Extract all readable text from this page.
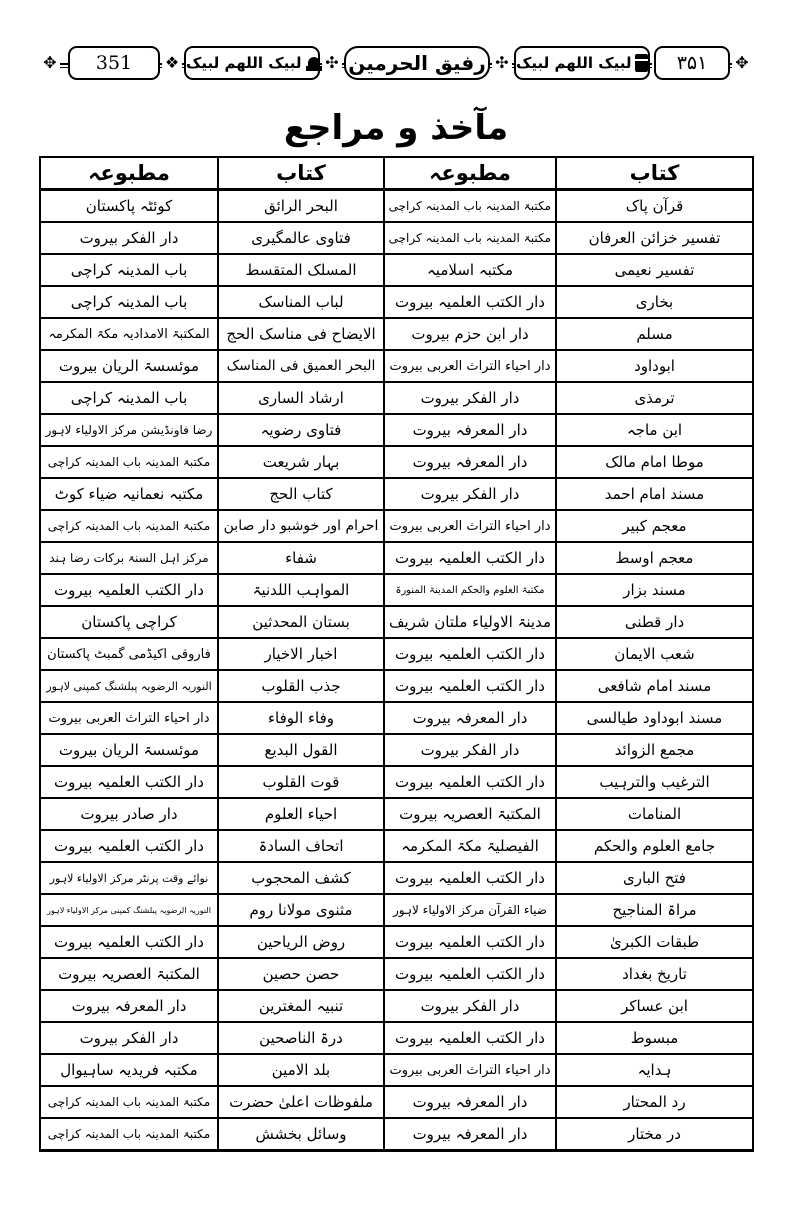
✥	351	❖ لبیک اللھم لبیک ✣ رفیق الحرمین ✣ لبیک اللھم لبیک	۳۵۱	✥
مآخذ و مراجع
کتاب	مطبوعہ	کتاب	مطبوعہ
قرآن پاک	مکتبۃ المدینہ باب المدینہ کراچی	البحر الرائق	کوئٹہ پاکستان
تفسیر خزائن العرفان	مکتبۃ المدینہ باب المدینہ کراچی	فتاوی عالمگیری	دار الفکر بیروت
تفسیر نعیمی	مکتبہ اسلامیہ	المسلک المتقسط	باب المدینہ کراچی
بخاری	دار الکتب العلمیہ بیروت	لباب المناسک	باب المدینہ کراچی
مسلم	دار ابن حزم بیروت	الایضاح فی مناسک الحج	المکتبۃ الامدادیہ مکۃ المکرمہ
ابوداود	دار احیاء التراث العربی بیروت	البحر العمیق فی المناسک	موئسسۃ الریان بیروت
ترمذی	دار الفکر بیروت	ارشاد الساری	باب المدینہ کراچی
ابن ماجہ	دار المعرفہ بیروت	فتاوی رضویہ	رضا فاونڈیشن مرکز الاولیاء لاہور
موطا امام مالک	دار المعرفہ بیروت	بہار شریعت	مکتبۃ المدینہ باب المدینہ کراچی
مسند امام احمد	دار الفکر بیروت	کتاب الحج	مکتبہ نعمانیہ ضیاء کوٹ
معجم کبیر	دار احیاء التراث العربی بیروت	احرام اور خوشبو دار صابن	مکتبۃ المدینہ باب المدینہ کراچی
معجم اوسط	دار الکتب العلمیہ بیروت	شفاء	مرکز اہل السنۃ برکات رضا ہند
مسند بزار	مکتبۃ العلوم والحکم المدینۃ المنورۃ	المواہب اللدنیۃ	دار الکتب العلمیہ بیروت
دار قطنی	مدینۃ الاولیاء ملتان شریف	بستان المحدثین	کراچی پاکستان
شعب الایمان	دار الکتب العلمیہ بیروت	اخبار الاخیار	فاروقی اکیڈمی گمبٹ پاکستان
مسند امام شافعی	دار الکتب العلمیہ بیروت	جذب القلوب	النوریہ الرضویہ پبلشنگ کمپنی لاہور
مسند ابوداود طیالسی	دار المعرفہ بیروت	وفاء الوفاء	دار احیاء التراث العربی بیروت
مجمع الزوائد	دار الفکر بیروت	القول البدیع	موئسسۃ الریان بیروت
الترغیب والترہیب	دار الکتب العلمیہ بیروت	قوت القلوب	دار الکتب العلمیہ بیروت
المنامات	المکتبۃ العصریہ بیروت	احیاء العلوم	دار صادر بیروت
جامع العلوم والحکم	الفیصلیۃ مکۃ المکرمہ	اتحاف السادۃ	دار الکتب العلمیہ بیروت
فتح الباری	دار الکتب العلمیہ بیروت	کشف المحجوب	نوائے وقت پرنٹر مرکز الاولیاء لاہور
مراۃ المناجیح	ضیاء القرآن مرکز الاولیاء لاہور	مثنوی مولانا روم	النوریہ الرضویہ پبلشنگ کمپنی مرکز الاولیاء لاہور
طبقات الکبریٰ	دار الکتب العلمیہ بیروت	روض الریاحین	دار الکتب العلمیہ بیروت
تاریخ بغداد	دار الکتب العلمیہ بیروت	حصن حصین	المکتبۃ العصریہ بیروت
ابن عساکر	دار الفکر بیروت	تنبیہ المغترین	دار المعرفہ بیروت
مبسوط	دار الکتب العلمیہ بیروت	درۃ الناصحین	دار الفکر بیروت
ہدایہ	دار احیاء التراث العربی بیروت	بلد الامین	مکتبہ فریدیہ ساہیوال
رد المحتار	دار المعرفہ بیروت	ملفوظات اعلیٰ حضرت	مکتبۃ المدینہ باب المدینہ کراچی
در مختار	دار المعرفہ بیروت	وسائل بخشش	مکتبۃ المدینہ باب المدینہ کراچی
